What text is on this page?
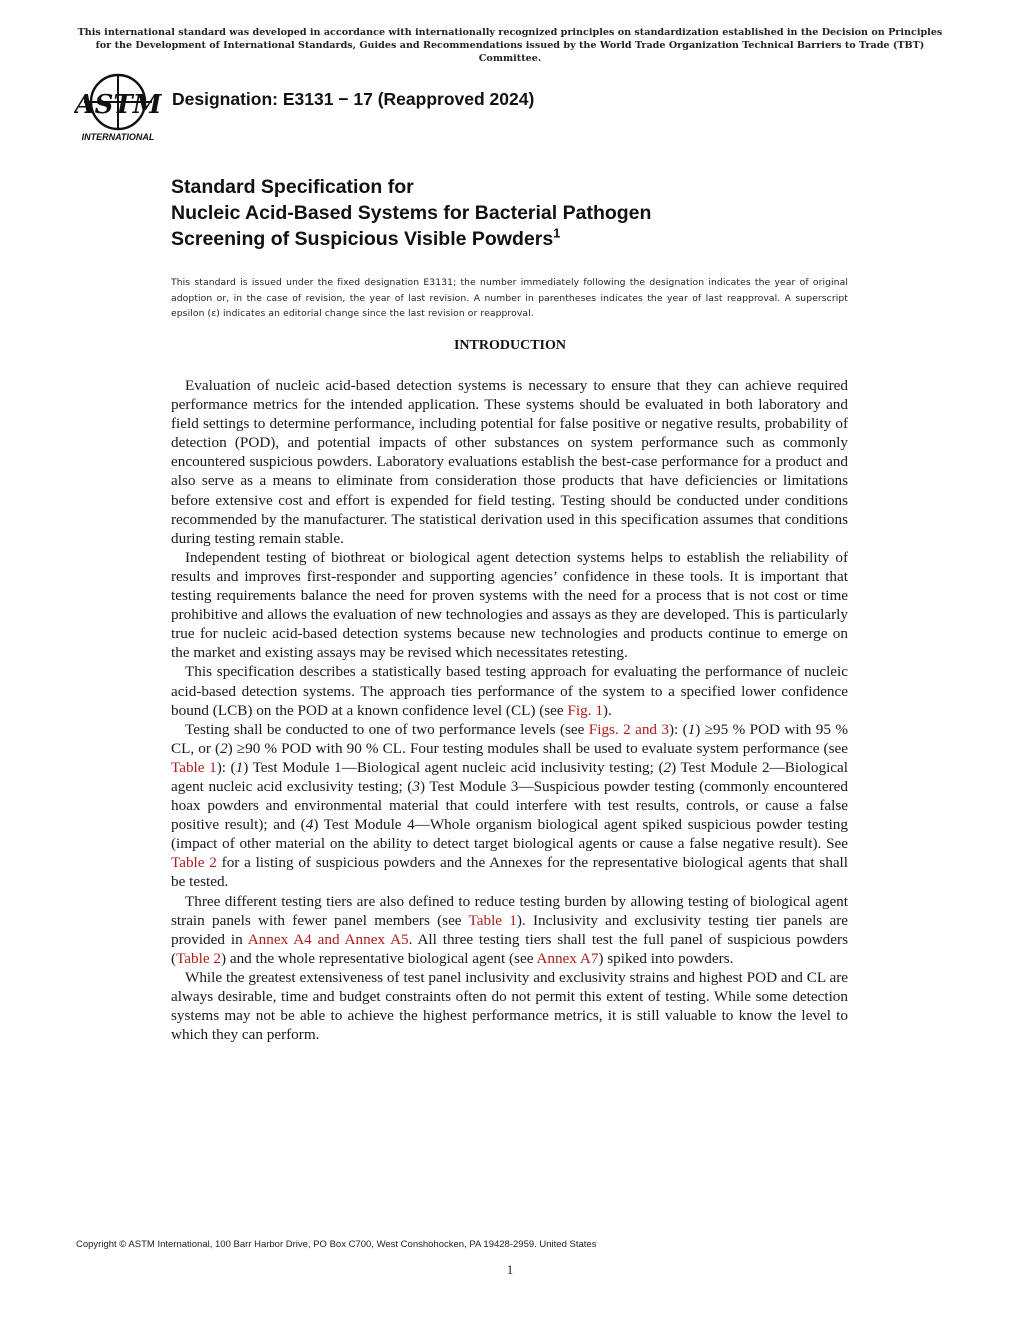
This international standard was developed in accordance with internationally recognized principles on standardization established in the Decision on Principles for the Development of International Standards, Guides and Recommendations issued by the World Trade Organization Technical Barriers to Trade (TBT) Committee.
ASTM
INTERNATIONAL
Designation: E3131 − 17 (Reapproved 2024)
Standard Specification for
Nucleic Acid-Based Systems for Bacterial Pathogen
Screening of Suspicious Visible Powders$^1$
This standard is issued under the fixed designation E3131; the number immediately following the designation indicates the year of original adoption or, in the case of revision, the year of last revision. A number in parentheses indicates the year of last reapproval. A superscript epsilon (ε) indicates an editorial change since the last revision or reapproval.
INTRODUCTION

Evaluation of nucleic acid-based detection systems is necessary to ensure that they can achieve required performance metrics for the intended application. These systems should be evaluated in both laboratory and field settings to determine performance, including potential for false positive or negative results, probability of detection (POD), and potential impacts of other substances on system performance such as commonly encountered suspicious powders. Laboratory evaluations establish the best-case performance for a product and also serve as a means to eliminate from consideration those products that have deficiencies or limitations before extensive cost and effort is expended for field testing. Testing should be conducted under conditions recommended by the manufacturer. The statistical derivation used in this specification assumes that conditions during testing remain stable.

Independent testing of biothreat or biological agent detection systems helps to establish the reliability of results and improves first-responder and supporting agencies’ confidence in these tools. It is important that testing requirements balance the need for proven systems with the need for a process that is not cost or time prohibitive and allows the evaluation of new technologies and assays as they are developed. This is particularly true for nucleic acid-based detection systems because new technologies and products continue to emerge on the market and existing assays may be revised which necessitates retesting.

This specification describes a statistically based testing approach for evaluating the performance of nucleic acid-based detection systems. The approach ties performance of the system to a specified lower confidence bound (LCB) on the POD at a known confidence level (CL) (see Fig. 1).

Testing shall be conducted to one of two performance levels (see Figs. 2 and 3): (1) ≥95 % POD with 95 % CL, or (2) ≥90 % POD with 90 % CL. Four testing modules shall be used to evaluate system performance (see Table 1): (1) Test Module 1—Biological agent nucleic acid inclusivity testing; (2) Test Module 2—Biological agent nucleic acid exclusivity testing; (3) Test Module 3—Suspicious powder testing (commonly encountered hoax powders and environmental material that could interfere with test results, controls, or cause a false positive result); and (4) Test Module 4—Whole organism biological agent spiked suspicious powder testing (impact of other material on the ability to detect target biological agents or cause a false negative result). See Table 2 for a listing of suspicious powders and the Annexes for the representative biological agents that shall be tested.

Three different testing tiers are also defined to reduce testing burden by allowing testing of biological agent strain panels with fewer panel members (see Table 1). Inclusivity and exclusivity testing tier panels are provided in Annex A4 and Annex A5. All three testing tiers shall test the full panel of suspicious powders (Table 2) and the whole representative biological agent (see Annex A7) spiked into powders.

While the greatest extensiveness of test panel inclusivity and exclusivity strains and highest POD and CL are always desirable, time and budget constraints often do not permit this extent of testing. While some detection systems may not be able to achieve the highest performance metrics, it is still valuable to know the level to which they can perform.

Copyright © ASTM International, 100 Barr Harbor Drive, PO Box C700, West Conshohocken, PA 19428-2959. United States
1
